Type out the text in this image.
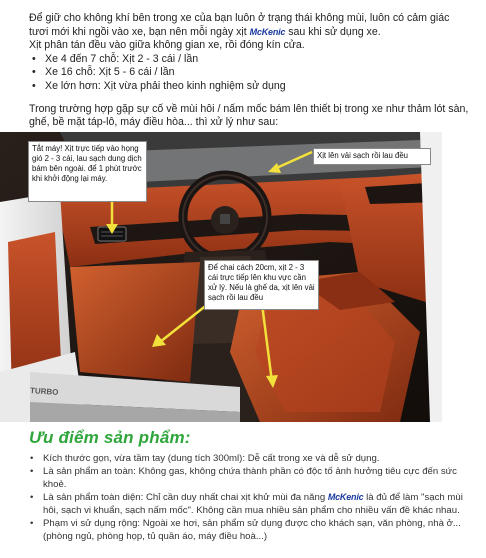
Để giữ cho không khí bên trong xe của bạn luôn ở trạng thái không mùi, luôn có cảm giác tươi mới khi ngồi vào xe, bạn nên mỗi ngày xịt McKenic sau khi sử dụng xe.

Xịt phân tán đều vào giữa không gian xe, rồi đóng kín cửa.

• Xe 4 đến 7 chỗ: Xịt 2 - 3 cái / lần
• Xe 16 chỗ: Xịt 5 - 6 cái / lần
• Xe lớn hơn: Xịt vừa phải theo kinh nghiệm sử dụng

Trong trường hợp gặp sự cố về mùi hôi / nấm mốc bám lên thiết bị trong xe như thảm lót sàn, ghế, bề mặt táp-lô, máy điều hòa... thì xử lý như sau:

TURBO
Tắt máy! Xịt trực tiếp vào họng gió 2 - 3 cái, lau sạch dung dịch bám bên ngoài. để 1 phút trước khi khởi động lại máy.
Xịt lên vải sạch rồi lau đều
Để chai cách 20cm, xịt 2 - 3 cái trực tiếp lên khu vực cần xử lý. Nếu là ghế da, xịt lên vải sạch rồi lau đều
Ưu điểm sản phẩm:
• Kích thước gọn, vừa tầm tay (dung tích 300ml): Dễ cất trong xe và dễ sử dụng.
• Là sản phẩm an toàn: Không gas, không chứa thành phần có độc tố ảnh hưởng tiêu cực đến sức khoẻ.
• Là sản phẩm toàn diện: Chỉ cần duy nhất chai xịt khử mùi đa năng McKenic là đủ để làm "sạch mùi hôi, sạch vi khuẩn, sạch nấm mốc". Không cần mua nhiều sản phẩm cho nhiều vấn đề khác nhau.
• Phạm vi sử dụng rộng: Ngoài xe hơi, sản phẩm sử dụng được cho khách sạn, văn phòng, nhà ở... (phòng ngủ, phòng họp, tủ quần áo, máy điều hoà...)
